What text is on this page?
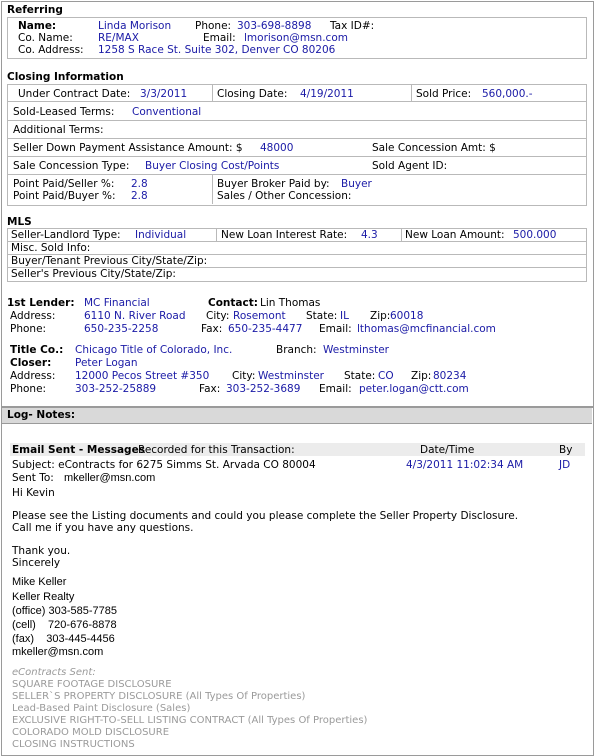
Referring
Name:	Linda Morison Phone: 303-698-8898 Tax ID#:
Co. Name: RE/MAX	Email: lmorison@msn.com
Co. Address: 1258 S Race St. Suite 302, Denver CO 80206
Closing Information
Under Contract Date: 3/3/2011	Closing Date: 4/19/2011	Sold Price: 560,000.-
Sold-Leased Terms: Conventional
Additional Terms:
Seller Down Payment Assistance Amount: $ 48000	Sale Concession Amt: $
Sale Concession Type: Buyer Closing Cost/Points	Sold Agent ID:
Point Paid/Seller %: 2.8	Buyer Broker Paid by: Buyer
Point Paid/Buyer %: 2.8	Sales / Other Concession:
MLS
Seller-Landlord Type: Individual	New Loan Interest Rate: 4.3	New Loan Amount: 500.000
Misc. Sold Info:
Buyer/Tenant Previous City/State/Zip:
Seller's Previous City/State/Zip:
1st Lender: MC Financial	Contact: Lin Thomas
Address:	6110 N. River Road City: Rosemont State: IL Zip: 60018
Phone:	650-235-2258	Fax: 650-235-4477 Email: lthomas@mcfinancial.com
Title Co.: Chicago Title of Colorado, Inc.	Branch: Westminster
Closer: Peter Logan
Address: 12000 Pecos Street #350 City: Westminster State: CO Zip: 80234
Phone:	303-252-25889	Fax: 303-252-3689 Email: peter.logan@ctt.com
Log- Notes:
Email Sent - Messages
Recorded for this Transaction:	Date/Time	By
Subject: eContracts for 6275 Simms St. Arvada CO 80004	4/3/2011 11:02:34 AM	JD
Sent To: mkeller@msn.com
Hi Kevin
Please see the Listing documents and could you please complete the Seller Property Disclosure.
Call me if you have any questions.
Thank you.
Sincerely
Mike Keller
Keller Realty
(office) 303-585-7785
(cell)    720-676-8878
(fax)    303-445-4456
mkeller@msn.com
eContracts Sent:
SQUARE FOOTAGE DISCLOSURE
SELLER`S PROPERTY DISCLOSURE (All Types Of Properties)
Lead-Based Paint Disclosure (Sales)
EXCLUSIVE RIGHT-TO-SELL LISTING CONTRACT (All Types Of Properties)
COLORADO MOLD DISCLOSURE
CLOSING INSTRUCTIONS
